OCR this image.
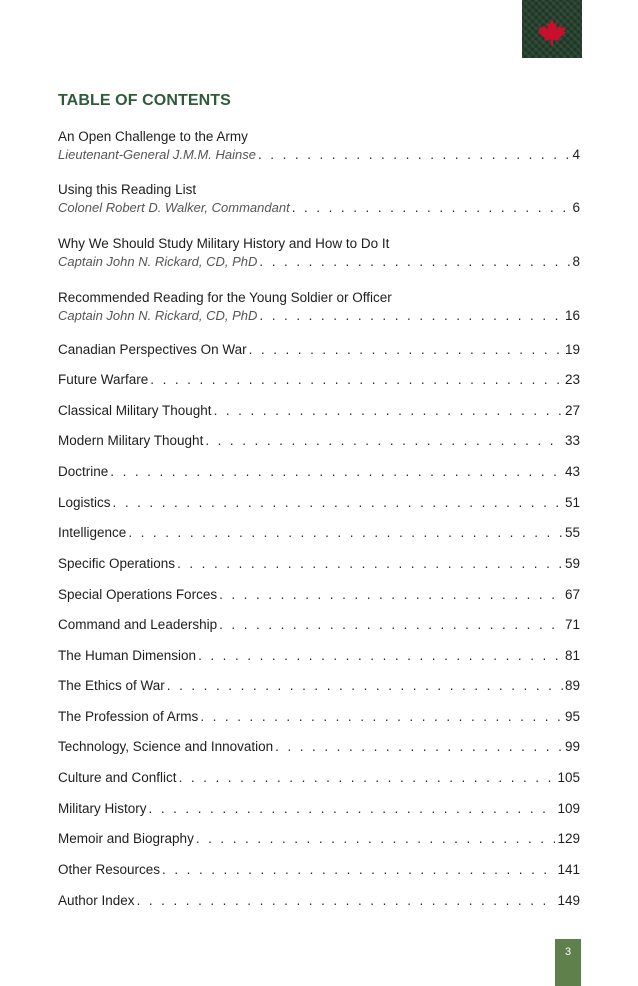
TABLE OF CONTENTS
An Open Challenge to the Army
Lieutenant-General J.M.M. Hainse . . .	4
Using this Reading List
Colonel Robert D. Walker, Commandant . . .	6
Why We Should Study Military History and How to Do It
Captain John N. Rickard, CD, PhD . . .	8
Recommended Reading for the Young Soldier or Officer
Captain John N. Rickard, CD, PhD . . .	16
Canadian Perspectives On War . . .	19
Future Warfare . . .	23
Classical Military Thought . . .	27
Modern Military Thought . . .	33
Doctrine . . .	43
Logistics . . .	51
Intelligence . . .	55
Specific Operations . . .	59
Special Operations Forces . . .	67
Command and Leadership . . .	71
The Human Dimension . . .	81
The Ethics of War . . .	89
The Profession of Arms . . .	95
Technology, Science and Innovation . . .	99
Culture and Conflict . . .	105
Military History . . .	109
Memoir and Biography . . .	129
Other Resources . . .	141
Author Index . . .	149
3
